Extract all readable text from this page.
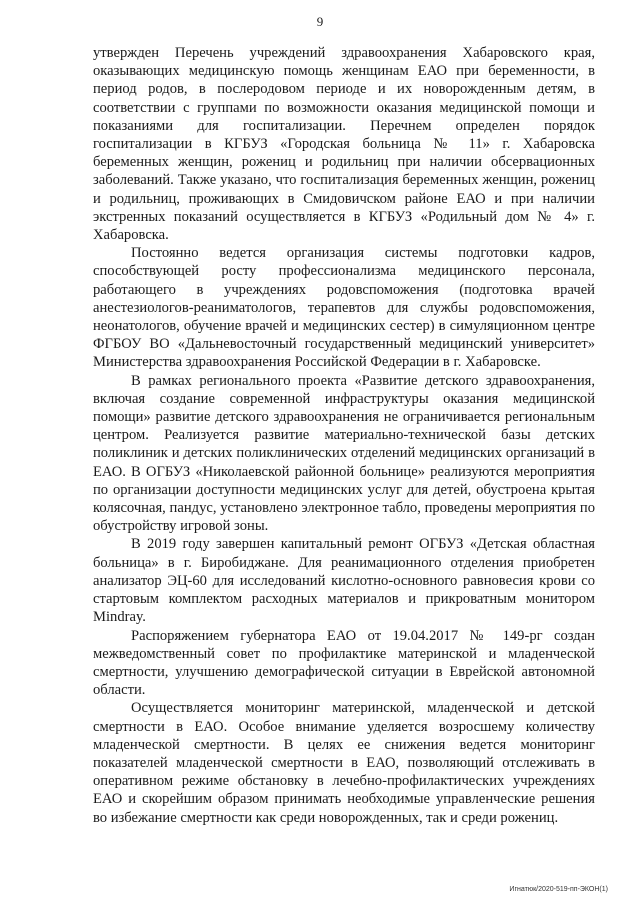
9

утвержден Перечень учреждений здравоохранения Хабаровского края, оказывающих медицинскую помощь женщинам ЕАО при беременности, в период родов, в послеродовом периоде и их новорожденным детям, в соответствии с группами по возможности оказания медицинской помощи и показаниями для госпитализации. Перечнем определен порядок госпитализации в КГБУЗ «Городская больница № 11» г. Хабаровска беременных женщин, рожениц и родильниц при наличии обсервационных заболеваний. Также указано, что госпитализация беременных женщин, рожениц и родильниц, проживающих в Смидовичском районе ЕАО и при наличии экстренных показаний осуществляется в КГБУЗ «Родильный дом № 4» г. Хабаровска.

Постоянно ведется организация системы подготовки кадров, способствующей росту профессионализма медицинского персонала, работающего в учреждениях родовспоможения (подготовка врачей анестезиологов-реаниматологов, терапевтов для службы родовспоможения, неонатологов, обучение врачей и медицинских сестер) в симуляционном центре ФГБОУ ВО «Дальневосточный государственный медицинский университет» Министерства здравоохранения Российской Федерации в г. Хабаровске.

В рамках регионального проекта «Развитие детского здравоохранения, включая создание современной инфраструктуры оказания медицинской помощи» развитие детского здравоохранения не ограничивается региональным центром. Реализуется развитие материально-технической базы детских поликлиник и детских поликлинических отделений медицинских организаций в ЕАО. В ОГБУЗ «Николаевской районной больнице» реализуются мероприятия по организации доступности медицинских услуг для детей, обустроена крытая колясочная, пандус, установлено электронное табло, проведены мероприятия по обустройству игровой зоны.

В 2019 году завершен капитальный ремонт ОГБУЗ «Детская областная больница» в г. Биробиджане. Для реанимационного отделения приобретен анализатор ЭЦ-60 для исследований кислотно-основного равновесия крови со стартовым комплектом расходных материалов и прикроватным монитором Mindray.

Распоряжением губернатора ЕАО от 19.04.2017 № 149-рг создан межведомственный совет по профилактике материнской и младенческой смертности, улучшению демографической ситуации в Еврейской автономной области.

Осуществляется мониторинг материнской, младенческой и детской смертности в ЕАО. Особое внимание уделяется возросшему количеству младенческой смертности. В целях ее снижения ведется мониторинг показателей младенческой смертности в ЕАО, позволяющий отслеживать в оперативном режиме обстановку в лечебно-профилактических учреждениях ЕАО и скорейшим образом принимать необходимые управленческие решения во избежание смертности как среди новорожденных, так и среди рожениц.

Игнатюк/2020-519-пп-ЭКОН(1)
